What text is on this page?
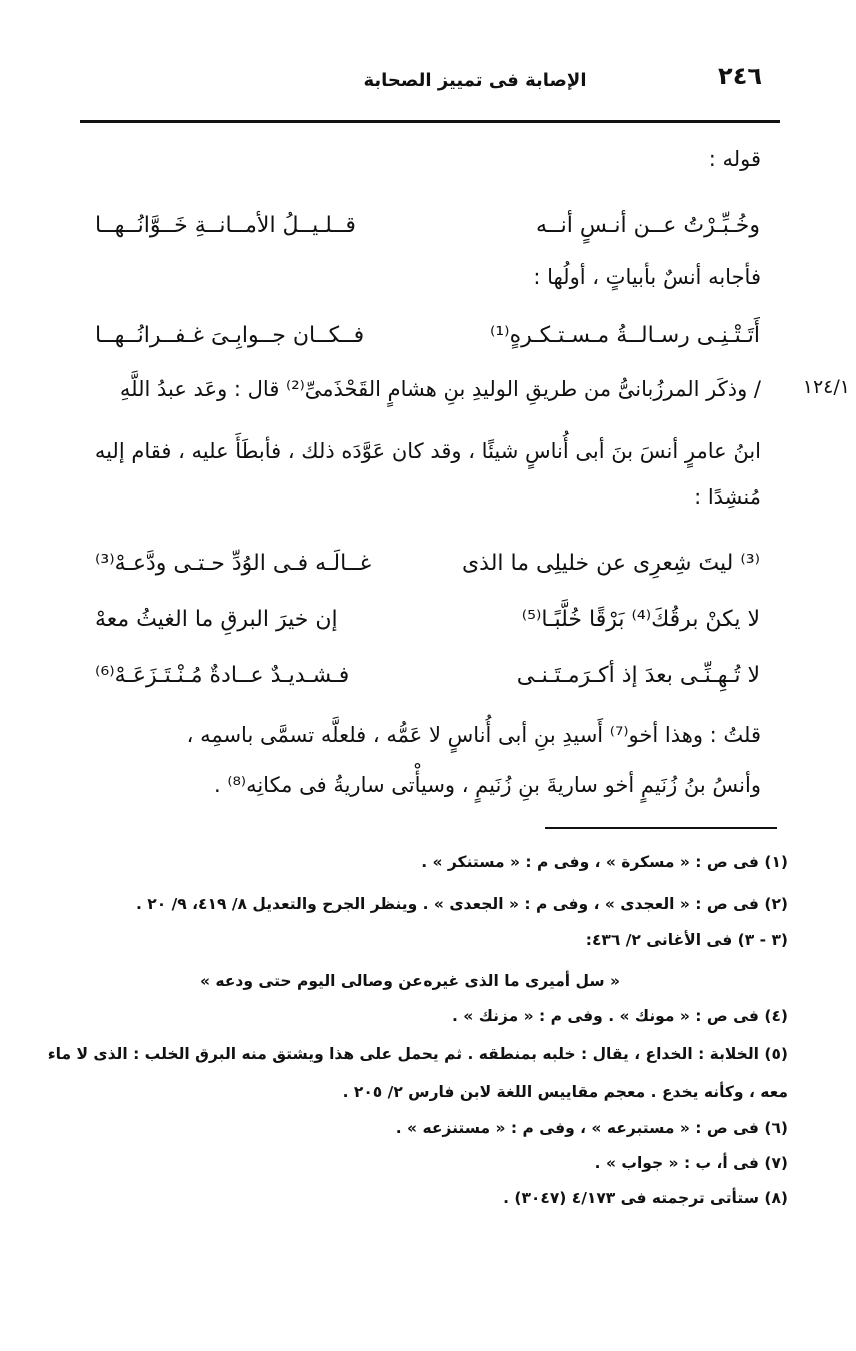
٢٤٦
الإصابة فى تمييز الصحابة
١٢٤/١
قوله :
وخُـبِّـرْتُ عــن أنـسٍ أنــه
قــلـيــلُ الأمــانــةِ خَــوَّانُــهــا
فأجابه أنسٌ بأبياتٍ ، أولُها :
أَتَـتْـنِـى رسـالــةُ مـسـتـكـرهٍ⁽¹⁾
فــكــان جــوابِـىَ غـفــرانُــهــا
/ وذكَر المرزُبانىُّ من طريقِ الوليدِ بنِ هشامٍ القَحْذَمىِّ⁽²⁾ قال : وعَد عبدُ اللَّهِ
ابنُ عامرٍ أنسَ بنَ أبى أُناسٍ شيئًا ، وقد كان عَوَّدَه ذلك ، فأبطَأَ عليه ، فقام إليه
مُنشِدًا :
⁽³⁾ ليتَ شِعرِى عن خليلِى ما الذى
غــالَـه فـى الوُدِّ حـتـى ودَّعـهْ⁽³⁾
لا يكنْ برقُكَ⁽⁴⁾ بَرْقًا خُلَّبًـا⁽⁵⁾
إن خيرَ البرقِ ما الغيثُ معهْ
لا تُـهِـنِّـى بعدَ إذ أكـرَمـتَـنـى
فـشـديـدٌ عــادةٌ مُـنْـتَـزَعَـهْ⁽⁶⁾
قلتُ : وهذا أخو⁽⁷⁾ أَسيدِ بنِ أبى أُناسٍ لا عَمُّه ، فلعلَّه تسمَّى باسمِه ،
وأنسُ بنُ زُنَيمٍ أخو ساريةَ بنِ زُنَيمٍ ، وسيأْتى ساريةُ فى مكانِه⁽⁸⁾ .
(١) فى ص : « مسكرة » ، وفى م : « مستنكر » .
(٢) فى ص : « العجدى » ، وفى م : « الجعدى » . وينظر الجرح والتعديل ٨/ ٤١٩، ٩/ ٢٠ .
(٣ - ٣) فى الأغانى ٢/ ٤٣٦:
« سل أميرى ما الذى غيره
عن وصالى اليوم حتى ودعه »
(٤) فى ص : « مونك » . وفى م : « مزنك » .
(٥) الخلابة : الخداع ، يقال : خلبه بمنطقه . ثم يحمل على هذا ويشتق منه البرق الخلب : الذى لا ماء
معه ، وكأنه يخدع . معجم مقاييس اللغة لابن فارس ٢/ ٢٠٥ .
(٦) فى ص : « مستبرعه » ، وفى م : « مستنزعه » .
(٧) فى أ، ب : « جواب » .
(٨) ستأتى ترجمته فى ٤/١٧٣ (٣٠٤٧) .
